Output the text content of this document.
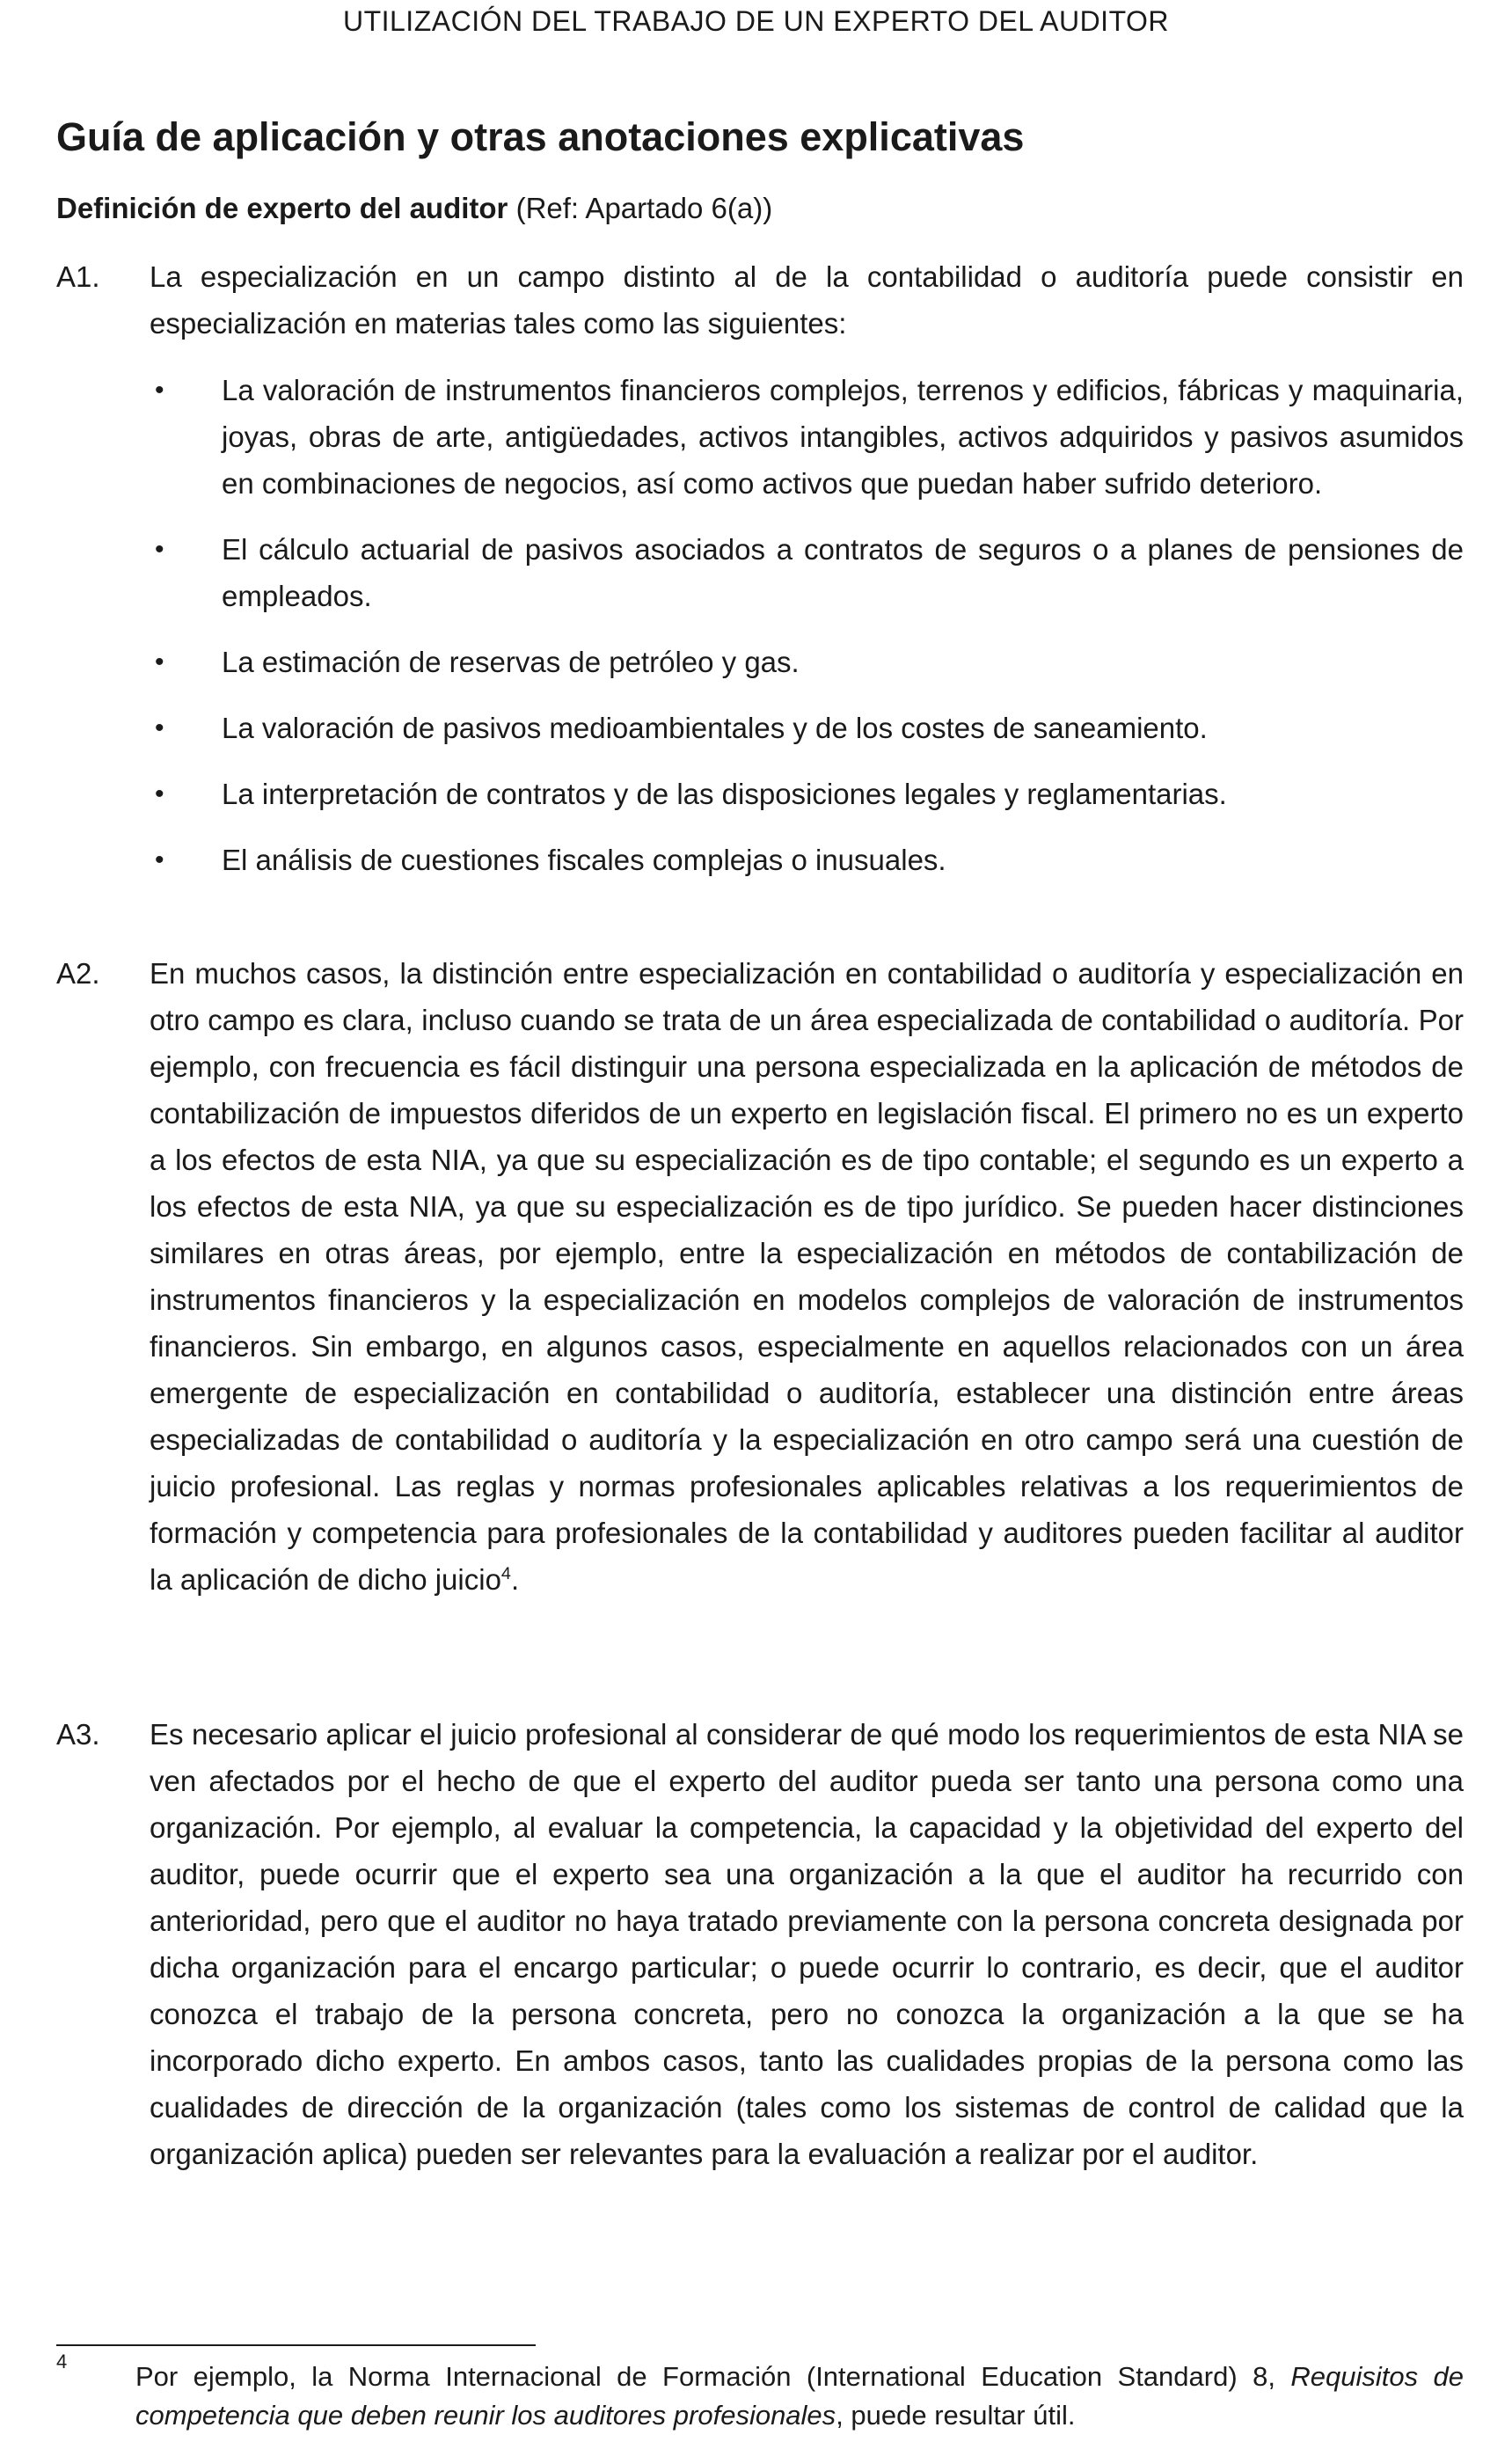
UTILIZACIÓN DEL TRABAJO DE UN EXPERTO DEL AUDITOR
Guía de aplicación y otras anotaciones explicativas

Definición de experto del auditor (Ref: Apartado 6(a))

A1. La especialización en un campo distinto al de la contabilidad o auditoría puede consistir en especialización en materias tales como las siguientes:

• La valoración de instrumentos financieros complejos, terrenos y edificios, fábricas y maquinaria, joyas, obras de arte, antigüedades, activos intangibles, activos adquiridos y pasivos asumidos en combinaciones de negocios, así como activos que puedan haber sufrido deterioro.
• El cálculo actuarial de pasivos asociados a contratos de seguros o a planes de pensiones de empleados.
• La estimación de reservas de petróleo y gas.
• La valoración de pasivos medioambientales y de los costes de saneamiento.
• La interpretación de contratos y de las disposiciones legales y reglamentarias.
• El análisis de cuestiones fiscales complejas o inusuales.
A2. En muchos casos, la distinción entre especialización en contabilidad o auditoría y especialización en otro campo es clara, incluso cuando se trata de un área especializada de contabilidad o auditoría. Por ejemplo, con frecuencia es fácil distinguir una persona especializada en la aplicación de métodos de contabilización de impuestos diferidos de un experto en legislación fiscal. El primero no es un experto a los efectos de esta NIA, ya que su especialización es de tipo contable; el segundo es un experto a los efectos de esta NIA, ya que su especialización es de tipo jurídico. Se pueden hacer distinciones similares en otras áreas, por ejemplo, entre la especialización en métodos de contabilización de instrumentos financieros y la especialización en modelos complejos de valoración de instrumentos financieros. Sin embargo, en algunos casos, especialmente en aquellos relacionados con un área emergente de especialización en contabilidad o auditoría, establecer una distinción entre áreas especializadas de contabilidad o auditoría y la especialización en otro campo será una cuestión de juicio profesional. Las reglas y normas profesionales aplicables relativas a los requerimientos de formación y competencia para profesionales de la contabilidad y auditores pueden facilitar al auditor la aplicación de dicho juicio$^4$.

A3. Es necesario aplicar el juicio profesional al considerar de qué modo los requerimientos de esta NIA se ven afectados por el hecho de que el experto del auditor pueda ser tanto una persona como una organización. Por ejemplo, al evaluar la competencia, la capacidad y la objetividad del experto del auditor, puede ocurrir que el experto sea una organización a la que el auditor ha recurrido con anterioridad, pero que el auditor no haya tratado previamente con la persona concreta designada por dicha organización para el encargo particular; o puede ocurrir lo contrario, es decir, que el auditor conozca el trabajo de la persona concreta, pero no conozca la organización a la que se ha incorporado dicho experto. En ambos casos, tanto las cualidades propias de la persona como las cualidades de dirección de la organización (tales como los sistemas de control de calidad que la organización aplica) pueden ser relevantes para la evaluación a realizar por el auditor.

4	Por ejemplo, la Norma Internacional de Formación (International Education Standard) 8, Requisitos de competencia que deben reunir los auditores profesionales, puede resultar útil.
